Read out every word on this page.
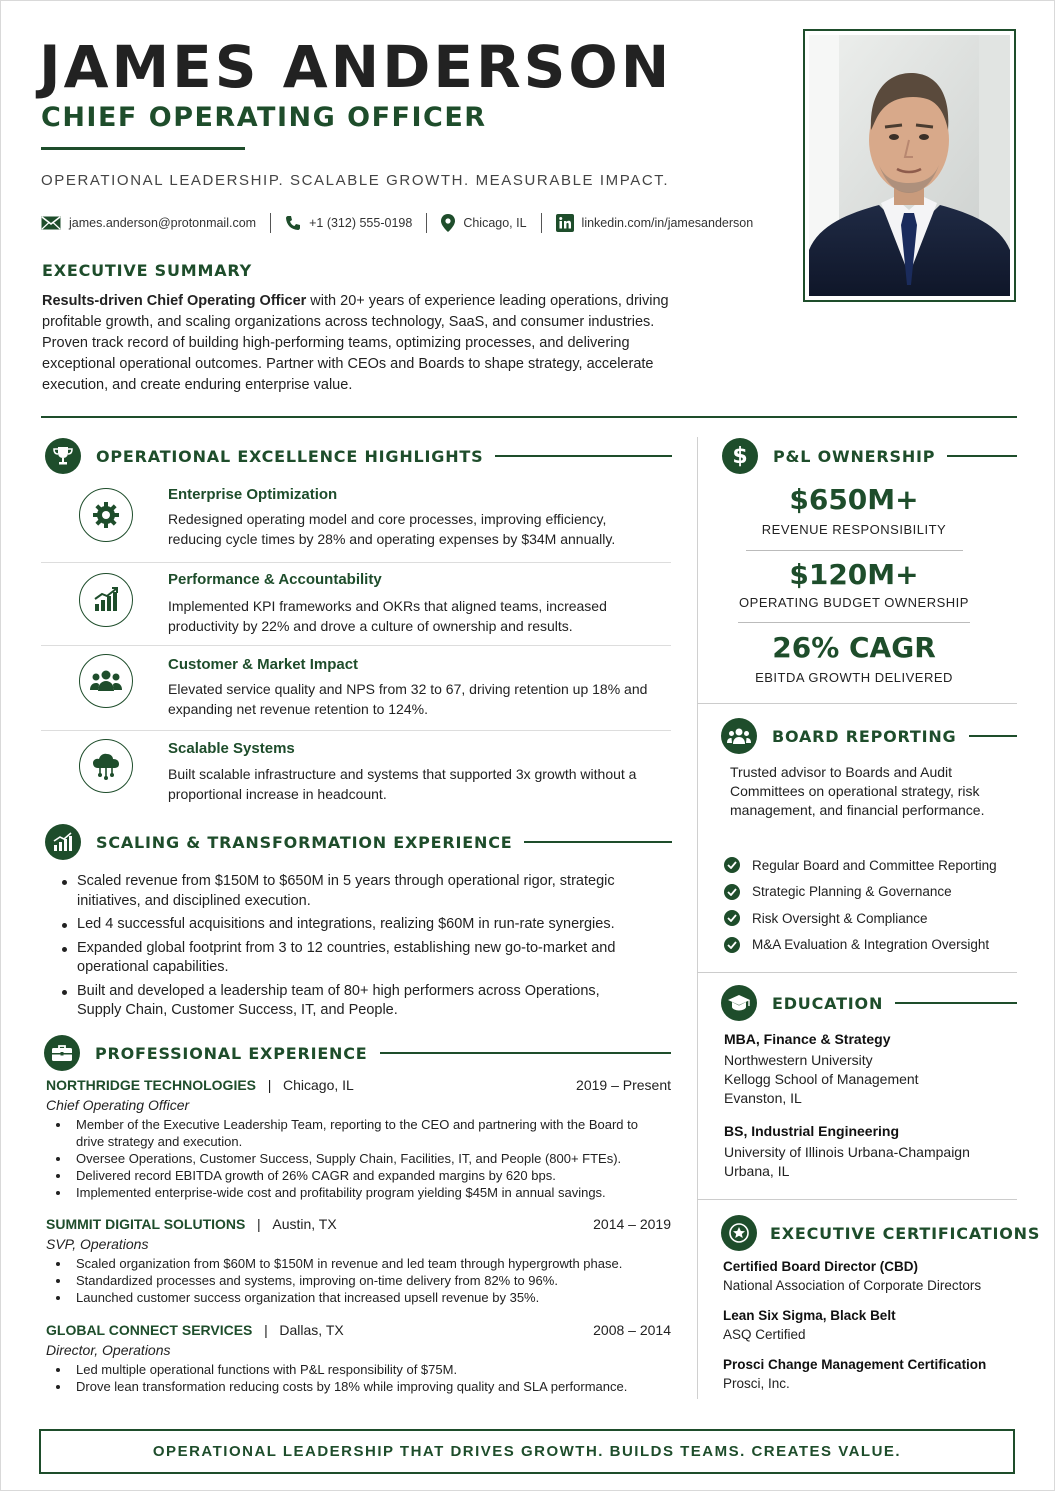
JAMES ANDERSON
CHIEF OPERATING OFFICER
OPERATIONAL LEADERSHIP. SCALABLE GROWTH. MEASURABLE IMPACT.
james.anderson@protonmail.com	+1 (312) 555-0198	Chicago, IL	linkedin.com/in/jamesanderson
EXECUTIVE SUMMARY

Results-driven Chief Operating Officer with 20+ years of experience leading operations, driving profitable growth, and scaling organizations across technology, SaaS, and consumer industries. Proven track record of building high-performing teams, optimizing processes, and delivering exceptional operational outcomes. Partner with CEOs and Boards to shape strategy, accelerate execution, and create enduring enterprise value.

OPERATIONAL EXCELLENCE HIGHLIGHTS
Enterprise Optimization
Redesigned operating model and core processes, improving efficiency, reducing cycle times by 28% and operating expenses by $34M annually.
Performance & Accountability
Implemented KPI frameworks and OKRs that aligned teams, increased productivity by 22% and drove a culture of ownership and results.
Customer & Market Impact
Elevated service quality and NPS from 32 to 67, driving retention up 18% and expanding net revenue retention to 124%.
Scalable Systems
Built scalable infrastructure and systems that supported 3x growth without a proportional increase in headcount.
SCALING & TRANSFORMATION EXPERIENCE
Scaled revenue from $150M to $650M in 5 years through operational rigor, strategic initiatives, and disciplined execution.
Led 4 successful acquisitions and integrations, realizing $60M in run-rate synergies.
Expanded global footprint from 3 to 12 countries, establishing new go-to-market and operational capabilities.
Built and developed a leadership team of 80+ high performers across Operations, Supply Chain, Customer Success, IT, and People.
PROFESSIONAL EXPERIENCE
NORTHRIDGE TECHNOLOGIES | Chicago, IL	2019 – Present
Chief Operating Officer
Member of the Executive Leadership Team, reporting to the CEO and partnering with the Board to drive strategy and execution.
Oversee Operations, Customer Success, Supply Chain, Facilities, IT, and People (800+ FTEs).
Delivered record EBITDA growth of 26% CAGR and expanded margins by 620 bps.
Implemented enterprise-wide cost and profitability program yielding $45M in annual savings.
SUMMIT DIGITAL SOLUTIONS | Austin, TX	2014 – 2019
SVP, Operations
Scaled organization from $60M to $150M in revenue and led team through hypergrowth phase.
Standardized processes and systems, improving on-time delivery from 82% to 96%.
Launched customer success organization that increased upsell revenue by 35%.
GLOBAL CONNECT SERVICES | Dallas, TX	2008 – 2014
Director, Operations
Led multiple operational functions with P&L responsibility of $75M.
Drove lean transformation reducing costs by 18% while improving quality and SLA performance.
$ P&L OWNERSHIP
$650M+
REVENUE RESPONSIBILITY
$120M+
OPERATING BUDGET OWNERSHIP
26% CAGR
EBITDA GROWTH DELIVERED
BOARD REPORTING
Trusted advisor to Boards and Audit Committees on operational strategy, risk management, and financial performance.
Regular Board and Committee Reporting
Strategic Planning & Governance
Risk Oversight & Compliance
M&A Evaluation & Integration Oversight
EDUCATION
MBA, Finance & Strategy
Northwestern University
Kellogg School of Management
Evanston, IL
BS, Industrial Engineering
University of Illinois Urbana-Champaign
Urbana, IL
EXECUTIVE CERTIFICATIONS
Certified Board Director (CBD)
National Association of Corporate Directors
Lean Six Sigma, Black Belt
ASQ Certified
Prosci Change Management Certification
Prosci, Inc.
OPERATIONAL LEADERSHIP THAT DRIVES GROWTH. BUILDS TEAMS. CREATES VALUE.
